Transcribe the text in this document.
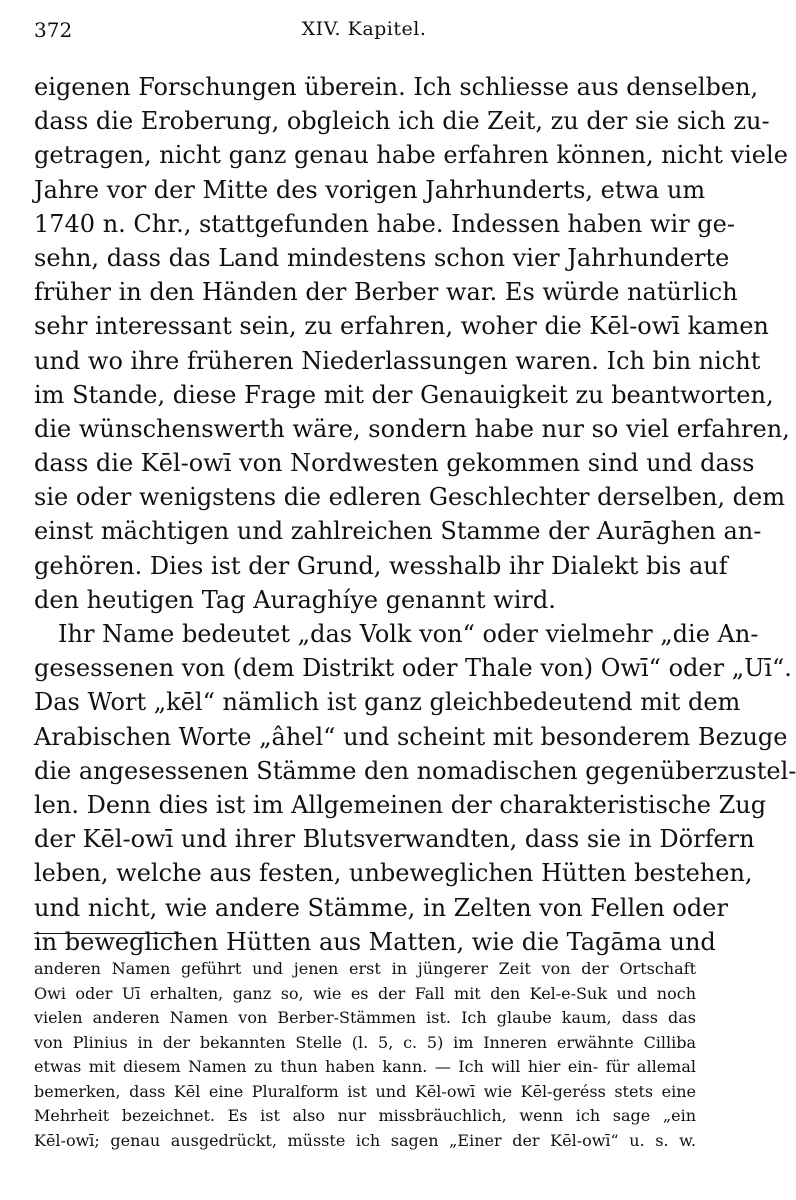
372	XIV. Kapitel.
eigenen Forschungen überein. Ich schliesse aus denselben,
dass die Eroberung, obgleich ich die Zeit, zu der sie sich zu-
getragen, nicht ganz genau habe erfahren können, nicht viele
Jahre vor der Mitte des vorigen Jahrhunderts, etwa um
1740 n. Chr., stattgefunden habe. Indessen haben wir ge-
sehn, dass das Land mindestens schon vier Jahrhunderte
früher in den Händen der Berber war. Es würde natürlich
sehr interessant sein, zu erfahren, woher die Kēl-owī kamen
und wo ihre früheren Niederlassungen waren. Ich bin nicht
im Stande, diese Frage mit der Genauigkeit zu beantworten,
die wünschenswerth wäre, sondern habe nur so viel erfahren,
dass die Kēl-owī von Nordwesten gekommen sind und dass
sie oder wenigstens die edleren Geschlechter derselben, dem
einst mächtigen und zahlreichen Stamme der Aurāghen an-
gehören. Dies ist der Grund, wesshalb ihr Dialekt bis auf
den heutigen Tag Auraghíye genannt wird.
Ihr Name bedeutet „das Volk von“ oder vielmehr „die An-
gesessenen von (dem Distrikt oder Thale von) Owī“ oder „Uī“.
Das Wort „kēl“ nämlich ist ganz gleichbedeutend mit dem
Arabischen Worte „âhel“ und scheint mit besonderem Bezuge
die angesessenen Stämme den nomadischen gegenüberzustel-
len. Denn dies ist im Allgemeinen der charakteristische Zug
der Kēl-owī und ihrer Blutsverwandten, dass sie in Dörfern
leben, welche aus festen, unbeweglichen Hütten bestehen,
und nicht, wie andere Stämme, in Zelten von Fellen oder
in beweglichen Hütten aus Matten, wie die Tagāma und
anderen Namen geführt und jenen erst in jüngerer Zeit von der Ortschaft
Owi oder Uī erhalten, ganz so, wie es der Fall mit den Kel-e-Suk und noch
vielen anderen Namen von Berber-Stämmen ist. Ich glaube kaum, dass das
von Plinius in der bekannten Stelle (l. 5, c. 5) im Inneren erwähnte Cilliba
etwas mit diesem Namen zu thun haben kann. — Ich will hier ein- für allemal
bemerken, dass Kēl eine Pluralform ist und Kēl-owī wie Kēl-geréss stets eine
Mehrheit bezeichnet. Es ist also nur missbräuchlich, wenn ich sage „ein
Kēl-owī; genau ausgedrückt, müsste ich sagen „Einer der Kēl-owī“ u. s. w.
